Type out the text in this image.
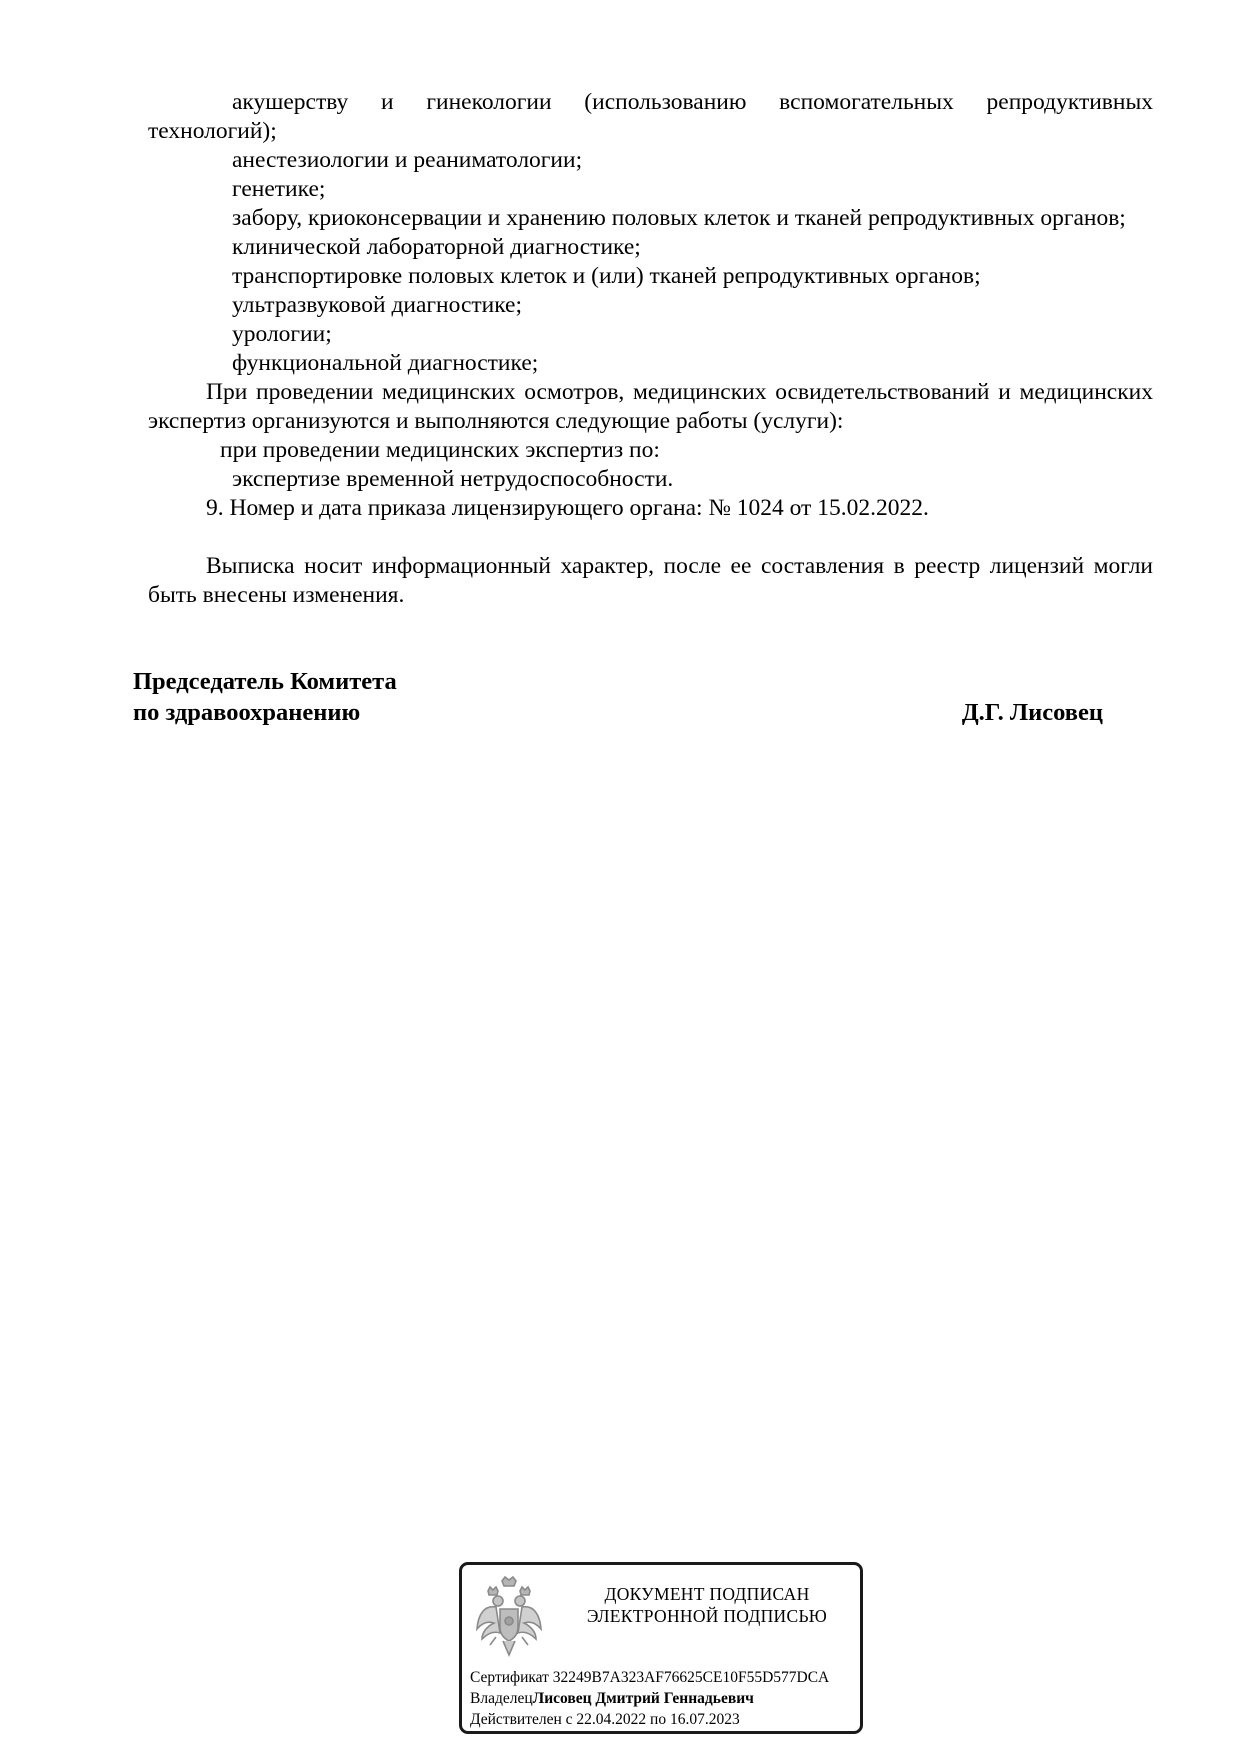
акушерству и гинекологии (использованию вспомогательных репродуктивных технологий);

анестезиологии и реаниматологии;

генетике;

забору, криоконсервации и хранению половых клеток и тканей репродуктивных органов;

клинической лабораторной диагностике;

транспортировке половых клеток и (или) тканей репродуктивных органов;

ультразвуковой диагностике;

урологии;

функциональной диагностике;

При проведении медицинских осмотров, медицинских освидетельствований и медицинских экспертиз организуются и выполняются следующие работы (услуги):

при проведении медицинских экспертиз по:

экспертизе временной нетрудоспособности.

9. Номер и дата приказа лицензирующего органа: № 1024 от 15.02.2022.

Выписка носит информационный характер, после ее составления в реестр лицензий могли быть внесены изменения.

Председатель Комитета
по здравоохранению	Д.Г. Лисовец
ДОКУМЕНТ ПОДПИСАН
ЭЛЕКТРОННОЙ ПОДПИСЬЮ
Сертификат 32249B7A323AF76625CE10F55D577DCA
ВладелецЛисовец Дмитрий Геннадьевич
Действителен с 22.04.2022 по 16.07.2023
